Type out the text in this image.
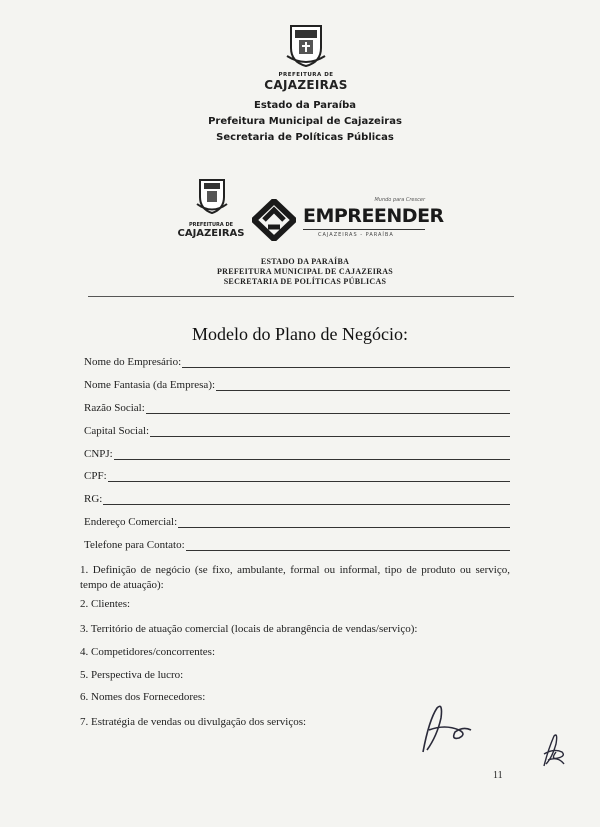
PREFEITURA DE
CAJAZEIRAS
Estado da Paraíba
Prefeitura Municipal de Cajazeiras
Secretaria de Políticas Públicas
PREFEITURA DE
CAJAZEIRAS
Mundo para Crescer
EMPREENDER
CAJAZEIRAS - PARAÍBA
ESTADO DA PARAÍBA
PREFEITURA MUNICIPAL DE CAJAZEIRAS
SECRETARIA DE POLÍTICAS PÚBLICAS
Modelo do Plano de Negócio:
Nome do Empresário:
Nome Fantasia (da Empresa):
Razão Social:
Capital Social:
CNPJ:
CPF:
RG:
Endereço Comercial:
Telefone para Contato:
1. Definição de negócio (se fixo, ambulante, formal ou informal, tipo de produto ou serviço, tempo de atuação):
2. Clientes:
3. Território de atuação comercial (locais de abrangência de vendas/serviço):
4. Competidores/concorrentes:
5. Perspectiva de lucro:
6. Nomes dos Fornecedores:
7. Estratégia de vendas ou divulgação dos serviços:
11
